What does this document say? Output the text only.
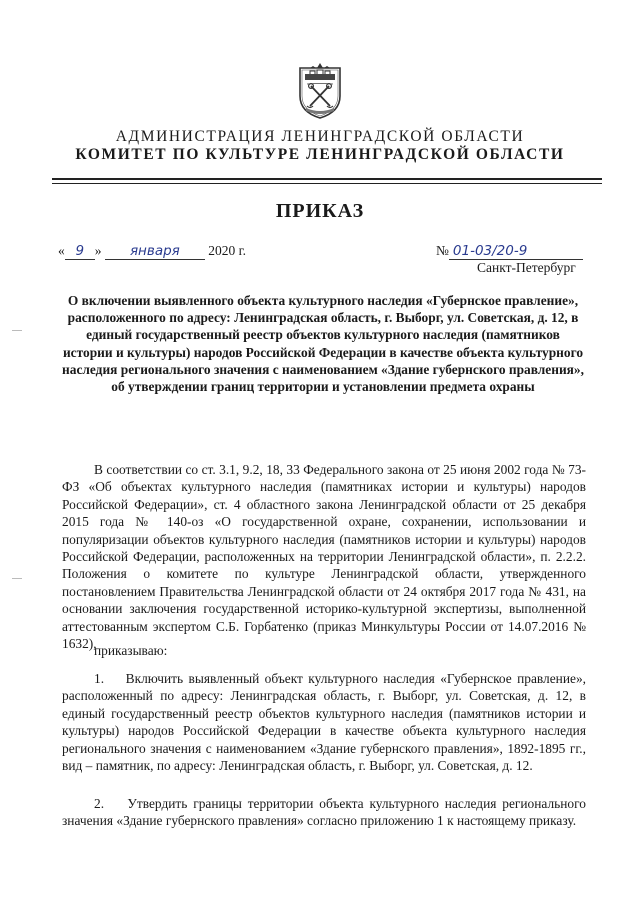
АДМИНИСТРАЦИЯ ЛЕНИНГРАДСКОЙ ОБЛАСТИ
КОМИТЕТ ПО КУЛЬТУРЕ ЛЕНИНГРАДСКОЙ ОБЛАСТИ
ПРИКАЗ
« 9 » января 2020 г.	№ 01-03/20-9
Санкт-Петербург
О включении выявленного объекта культурного наследия «Губернское правление», расположенного по адресу: Ленинградская область, г. Выборг, ул. Советская, д. 12, в единый государственный реестр объектов культурного наследия (памятников истории и культуры) народов Российской Федерации в качестве объекта культурного наследия регионального значения с наименованием «Здание губернского правления», об утверждении границ территории и установлении предмета охраны

В соответствии со ст. 3.1, 9.2, 18, 33 Федерального закона от 25 июня 2002 года № 73-ФЗ «Об объектах культурного наследия (памятниках истории и культуры) народов Российской Федерации», ст. 4 областного закона Ленинградской области от 25 декабря 2015 года № 140-оз «О государственной охране, сохранении, использовании и популяризации объектов культурного наследия (памятников истории и культуры) народов Российской Федерации, расположенных на территории Ленинградской области», п. 2.2.2. Положения о комитете по культуре Ленинградской области, утвержденного постановлением Правительства Ленинградской области от 24 октября 2017 года № 431, на основании заключения государственной историко-культурной экспертизы, выполненной аттестованным экспертом С.Б. Горбатенко (приказ Минкультуры России от 14.07.2016 № 1632),

приказываю:

1.    Включить выявленный объект культурного наследия «Губернское правление», расположенный по адресу: Ленинградская область, г. Выборг, ул. Советская, д. 12, в единый государственный реестр объектов культурного наследия (памятников истории и культуры) народов Российской Федерации в качестве объекта культурного наследия регионального значения с наименованием «Здание губернского правления», 1892-1895 гг., вид – памятник, по адресу: Ленинградская область, г. Выборг, ул. Советская, д. 12.

2.    Утвердить границы территории объекта культурного наследия регионального значения «Здание губернского правления» согласно приложению 1 к настоящему приказу.
